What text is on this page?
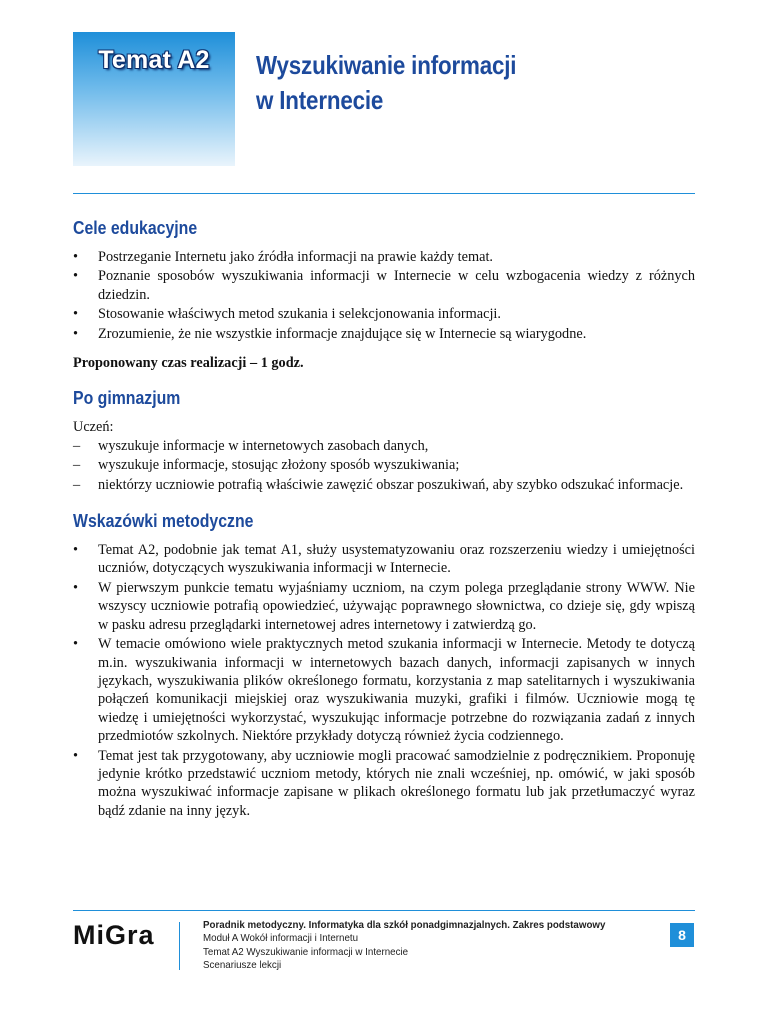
Temat A2	Wyszukiwanie informacji
w Internecie
Cele edukacyjne
• Postrzeganie Internetu jako źródła informacji na prawie każdy temat.
• Poznanie sposobów wyszukiwania informacji w Internecie w celu wzbogacenia wiedzy z różnych dziedzin.
• Stosowanie właściwych metod szukania i selekcjonowania informacji.
• Zrozumienie, że nie wszystkie informacje znajdujące się w Internecie są wiarygodne.

Proponowany czas realizacji – 1 godz.

Po gimnazjum

Uczeń:

– wyszukuje informacje w internetowych zasobach danych,
– wyszukuje informacje, stosując złożony sposób wyszukiwania;
– niektórzy uczniowie potrafią właściwie zawęzić obszar poszukiwań, aby szybko odszukać informacje.
Wskazówki metodyczne
• Temat A2, podobnie jak temat A1, służy usystematyzowaniu oraz rozszerzeniu wiedzy i umiejętności uczniów, dotyczących wyszukiwania informacji w Internecie.
• W pierwszym punkcie tematu wyjaśniamy uczniom, na czym polega przeglądanie strony WWW. Nie wszyscy uczniowie potrafią opowiedzieć, używając poprawnego słownictwa, co dzieje się, gdy wpiszą w pasku adresu przeglądarki internetowej adres internetowy i zatwierdzą go.
• W temacie omówiono wiele praktycznych metod szukania informacji w Internecie. Metody te dotyczą m.in. wyszukiwania informacji w internetowych bazach danych, informacji zapisanych w innych językach, wyszukiwania plików określonego formatu, korzystania z map satelitarnych i wyszukiwania połączeń komunikacji miejskiej oraz wyszukiwania muzyki, grafiki i filmów. Uczniowie mogą tę wiedzę i umiejętności wykorzystać, wyszukując informacje potrzebne do rozwiązania zadań z innych przedmiotów szkolnych. Niektóre przykłady dotyczą również życia codziennego.
• Temat jest tak przygotowany, aby uczniowie mogli pracować samodzielnie z podręcznikiem. Proponuję jedynie krótko przedstawić uczniom metody, których nie znali wcześniej, np. omówić, w jaki sposób można wyszukiwać informacje zapisane w plikach określonego formatu lub jak przetłumaczyć wyraz bądź zdanie na inny język.
MiGra	Poradnik metodyczny. Informatyka dla szkół ponadgimnazjalnych. Zakres podstawowy
Moduł A Wokół informacji i Internetu
Temat A2 Wyszukiwanie informacji w Internecie
Scenariusze lekcji
8
